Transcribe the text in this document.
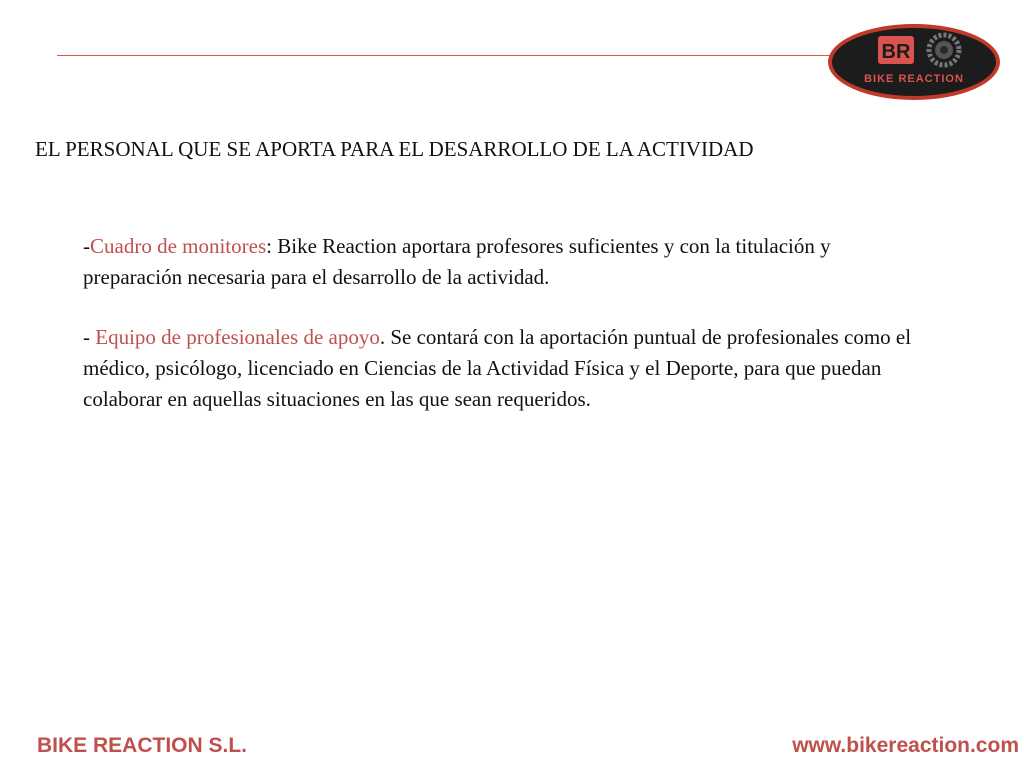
BR
BIKE REACTION
EL PERSONAL QUE SE APORTA PARA EL DESARROLLO DE LA ACTIVIDAD

-Cuadro de monitores: Bike Reaction aportara profesores suficientes y con la titulación y preparación necesaria para el desarrollo de la actividad.

- Equipo de profesionales de apoyo. Se contará con la aportación puntual de profesionales como el médico, psicólogo, licenciado en Ciencias de la Actividad Física y el Deporte, para que puedan colaborar en aquellas situaciones en las que sean requeridos.

BIKE REACTION S.L.	www.bikereaction.com
